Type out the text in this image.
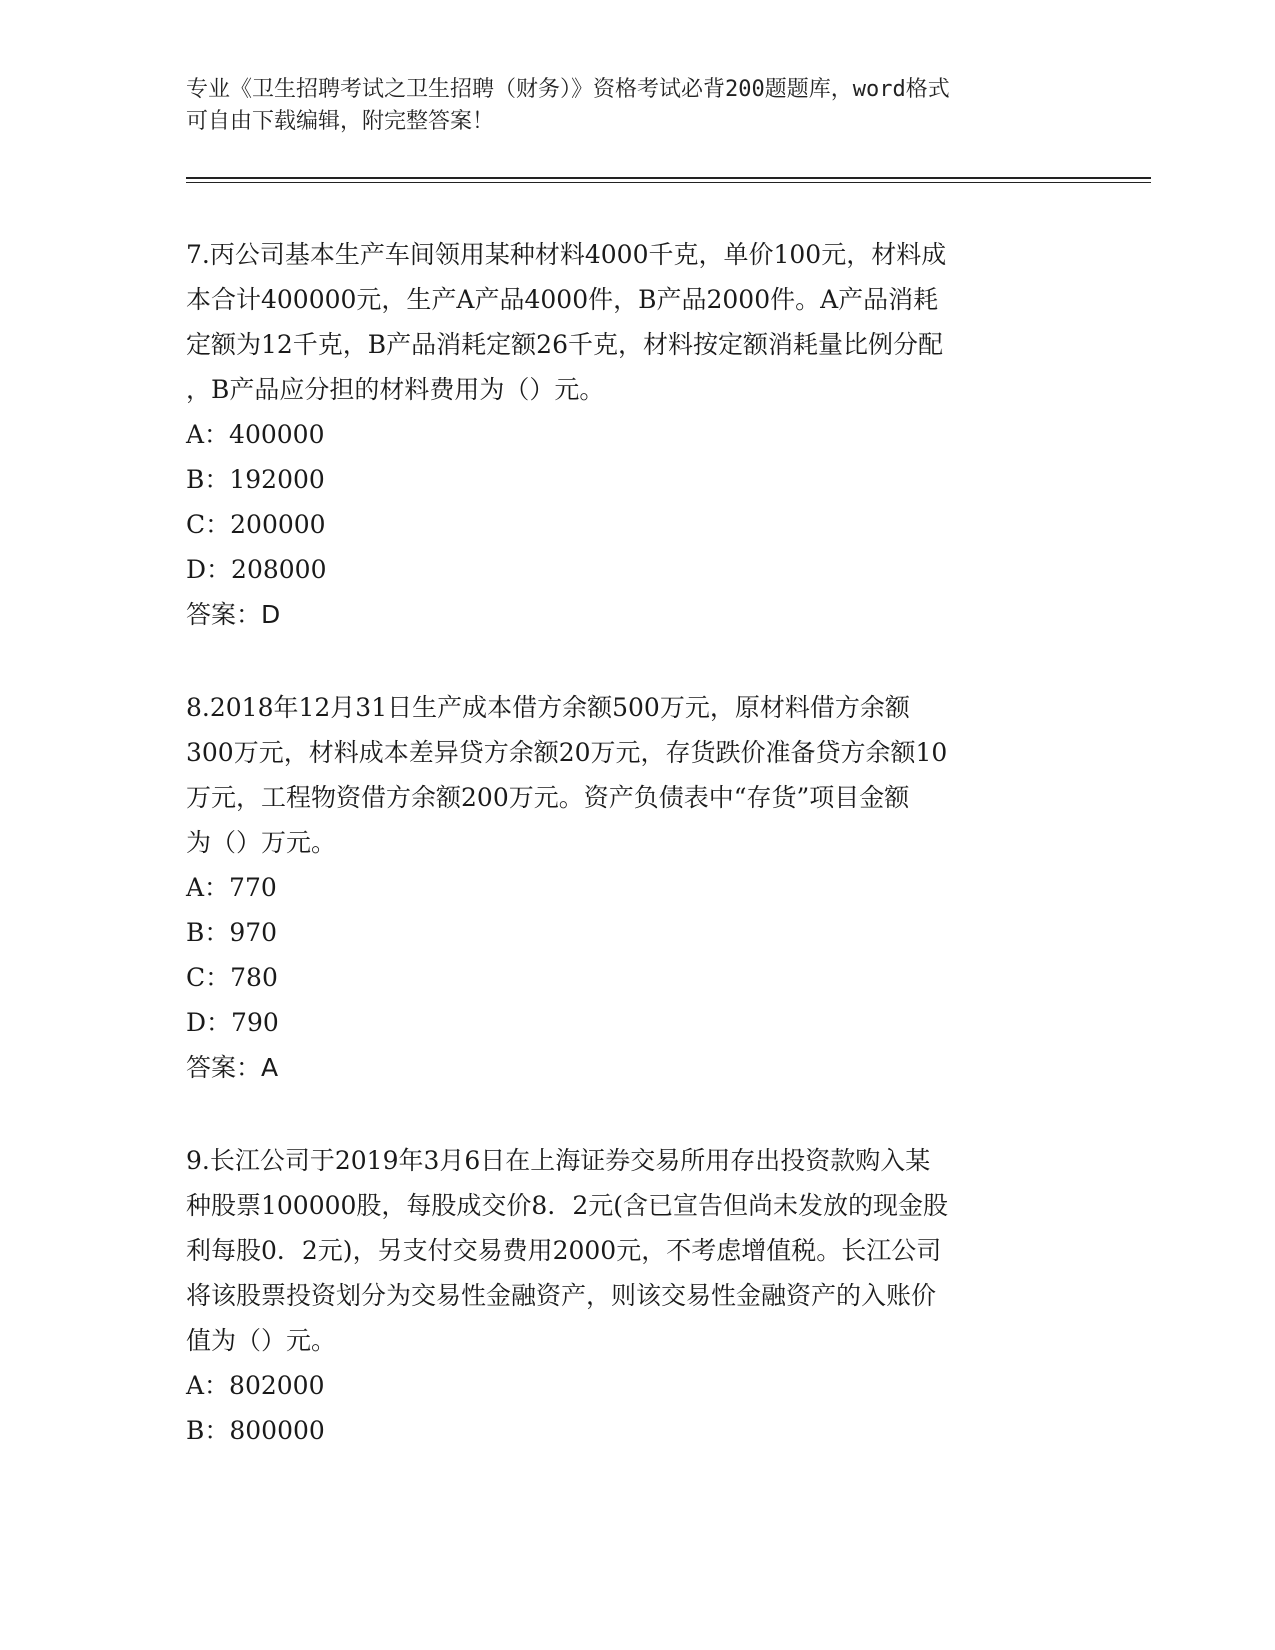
专业《卫生招聘考试之卫生招聘（财务）》资格考试必背200题题库，word格式
可自由下载编辑，附完整答案！
7.丙公司基本生产车间领用某种材料4000千克，单价100元，材料成
本合计400000元，生产A产品4000件，B产品2000件。A产品消耗
定额为12千克，B产品消耗定额26千克，材料按定额消耗量比例分配
，B产品应分担的材料费用为（）元。
A：400000
B：192000
C：200000
D：208000
答案：D
8.2018年12月31日生产成本借方余额500万元，原材料借方余额
300万元，材料成本差异贷方余额20万元，存货跌价准备贷方余额10
万元，工程物资借方余额200万元。资产负债表中“存货”项目金额
为（）万元。
A：770
B：970
C：780
D：790
答案：A
9.长江公司于2019年3月6日在上海证券交易所用存出投资款购入某
种股票100000股，每股成交价8．2元(含已宣告但尚未发放的现金股
利每股0．2元)，另支付交易费用2000元，不考虑增值税。长江公司
将该股票投资划分为交易性金融资产，则该交易性金融资产的入账价
值为（）元。
A：802000
B：800000
